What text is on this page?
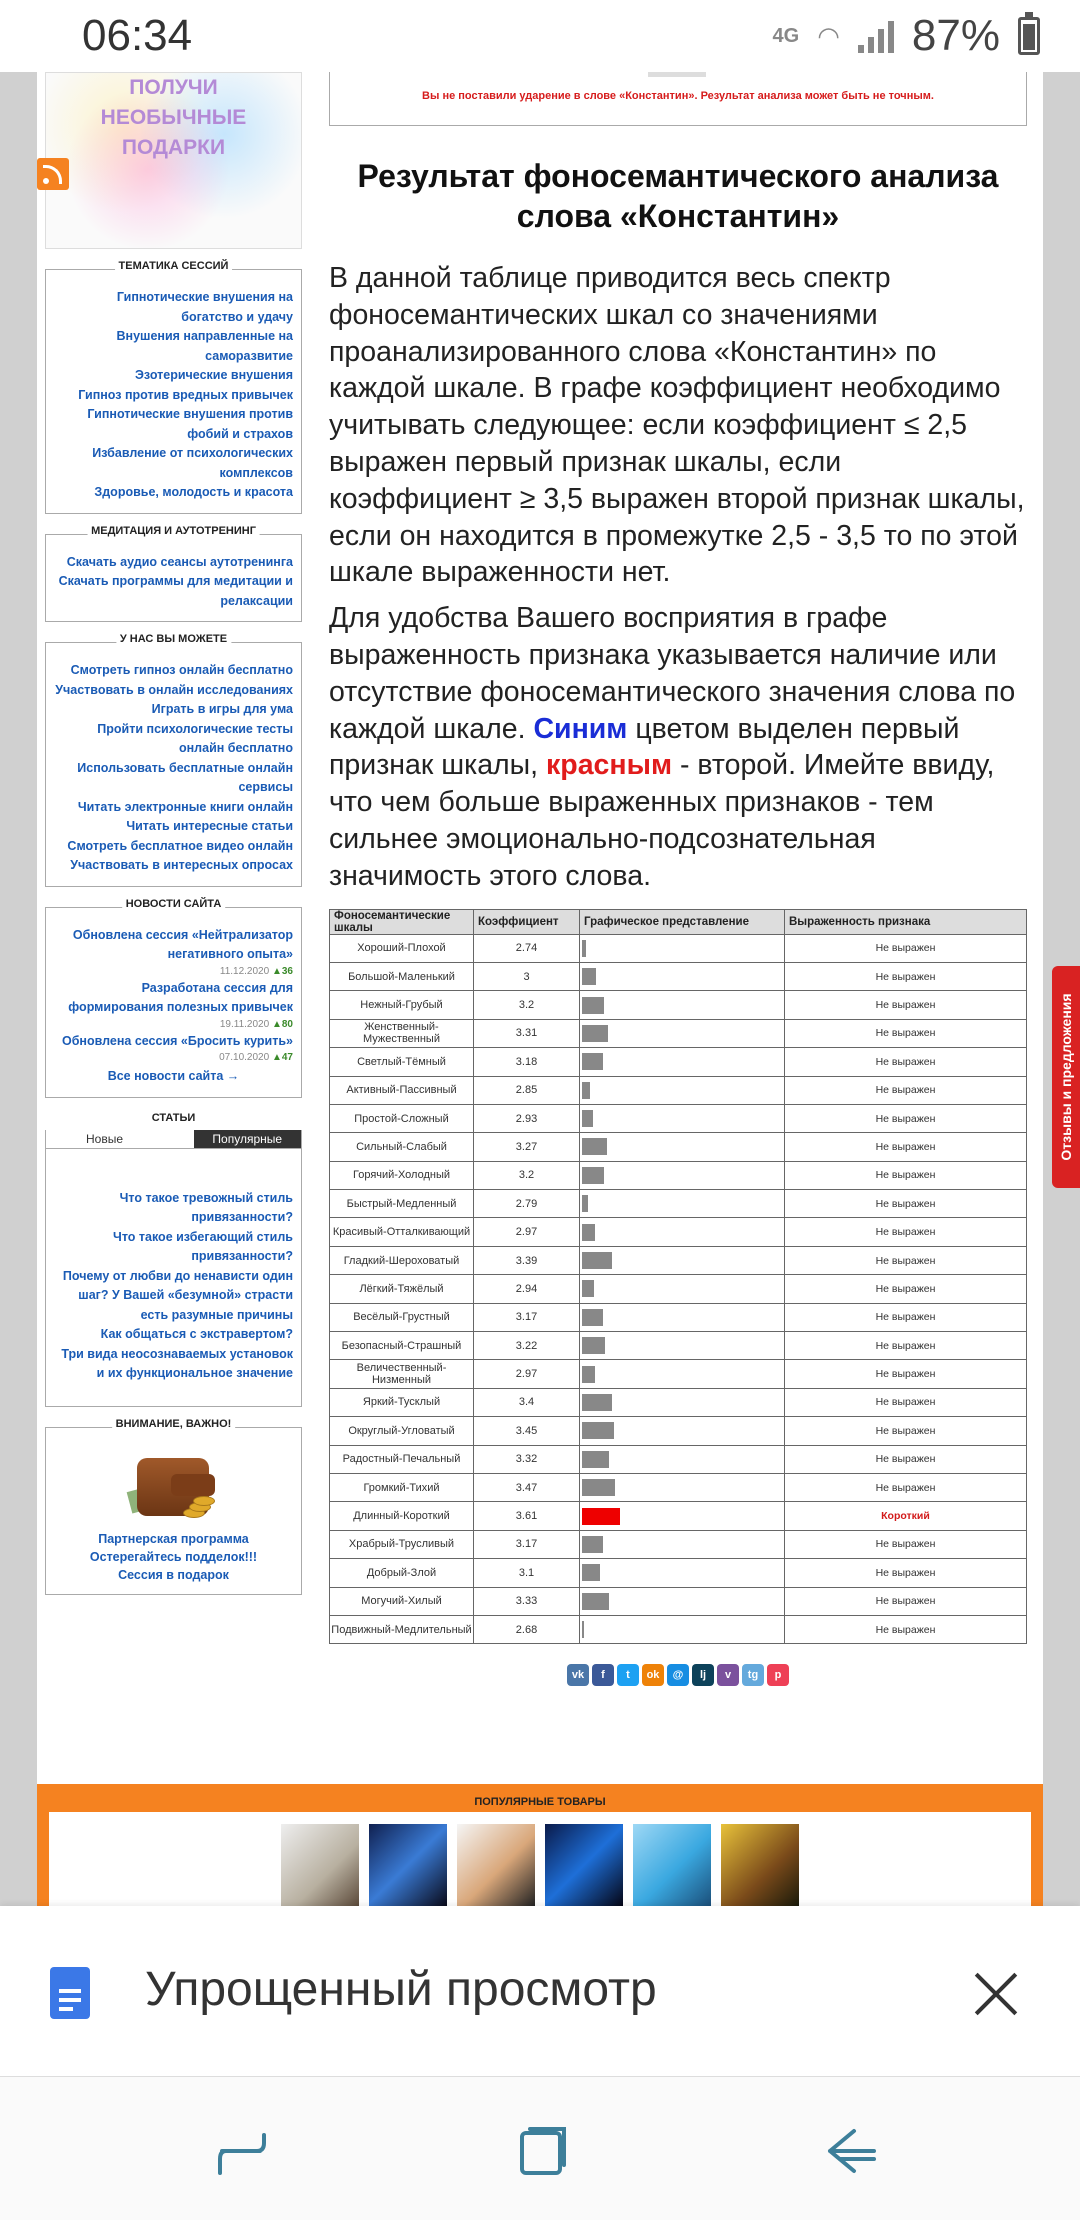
06:34	4G ◠ 87%
ПОЛУЧИ
НЕОБЫЧНЫЕ
ПОДАРКИ
ТЕМАТИКА СЕССИЙ
Гипнотические внушения на богатство и удачу
Внушения направленные на саморазвитие
Эзотерические внушения
Гипноз против вредных привычек
Гипнотические внушения против фобий и страхов
Избавление от психологических комплексов
Здоровье, молодость и красота
МЕДИТАЦИЯ И АУТОТРЕНИНГ
Скачать аудио сеансы аутотренинга
Скачать программы для медитации и релаксации
У НАС ВЫ МОЖЕТЕ
Смотреть гипноз онлайн бесплатно
Участвовать в онлайн исследованиях
Играть в игры для ума
Пройти психологические тесты онлайн бесплатно
Использовать бесплатные онлайн сервисы
Читать электронные книги онлайн
Читать интересные статьи
Смотреть бесплатное видео онлайн
Участвовать в интересных опросах
НОВОСТИ САЙТА
Обновлена сессия «Нейтрализатор негативного опыта»
11.12.2020 ▲36
Разработана сессия для формирования полезных привычек
19.11.2020 ▲80
Обновлена сессия «Бросить курить»
07.10.2020 ▲47
Все новости сайта →
СТАТЬИ
Новые	Популярные
Что такое тревожный стиль привязанности?
Что такое избегающий стиль привязанности?
Почему от любви до ненависти один шаг? У Вашей «безумной» страсти есть разумные причины
Как общаться с экстравертом?
Три вида неосознаваемых установок и их функциональное значение
ВНИМАНИЕ, ВАЖНО!
Партнерская программа
Остерегайтесь подделок!!!
Сессия в подарок

Вы не поставили ударение в слове «Константин». Результат анализа может быть не точным.

Результат фоносемантического анализа слова «Константин»

В данной таблице приводится весь спектр фоносемантических шкал со значениями проанализированного слова «Константин» по каждой шкале. В графе коэффициент необходимо учитывать следующее: если коэффициент ≤ 2,5 выражен первый признак шкалы, если коэффициент ≥ 3,5 выражен второй признак шкалы, если он находится в промежутке 2,5 - 3,5 то по этой шкале выраженности нет.

Для удобства Вашего восприятия в графе выраженность признака указывается наличие или отсутствие фоносемантического значения слова по каждой шкале. Синим цветом выделен первый признак шкалы, красным - второй. Имейте ввиду, что чем больше выраженных признаков - тем сильнее эмоционально-подсознательная значимость этого слова.

Фоносемантические шкалы	Коэффициент	Графическое представление	Выраженность признака
Хороший-Плохой	2.74		Не выражен
Большой-Маленький	3		Не выражен
Нежный-Грубый	3.2		Не выражен
Женственный-Мужественный	3.31		Не выражен
Светлый-Тёмный	3.18		Не выражен
Активный-Пассивный	2.85		Не выражен
Простой-Сложный	2.93		Не выражен
Сильный-Слабый	3.27		Не выражен
Горячий-Холодный	3.2		Не выражен
Быстрый-Медленный	2.79		Не выражен
Красивый-Отталкивающий	2.97		Не выражен
Гладкий-Шероховатый	3.39		Не выражен
Лёгкий-Тяжёлый	2.94		Не выражен
Весёлый-Грустный	3.17		Не выражен
Безопасный-Страшный	3.22		Не выражен
Величественный-Низменный	2.97		Не выражен
Яркий-Тусклый	3.4		Не выражен
Округлый-Угловатый	3.45		Не выражен
Радостный-Печальный	3.32		Не выражен
Громкий-Тихий	3.47		Не выражен
Длинный-Короткий	3.61		Короткий
Храбрый-Трусливый	3.17		Не выражен
Добрый-Злой	3.1		Не выражен
Могучий-Хилый	3.33		Не выражен
Подвижный-Медлительный	2.68		Не выражен
vk	f	t	ok	@	lj	v	tg	p
ПОПУЛЯРНЫЕ ТОВАРЫ
Отзывы и предложения
Упрощенный просмотр
